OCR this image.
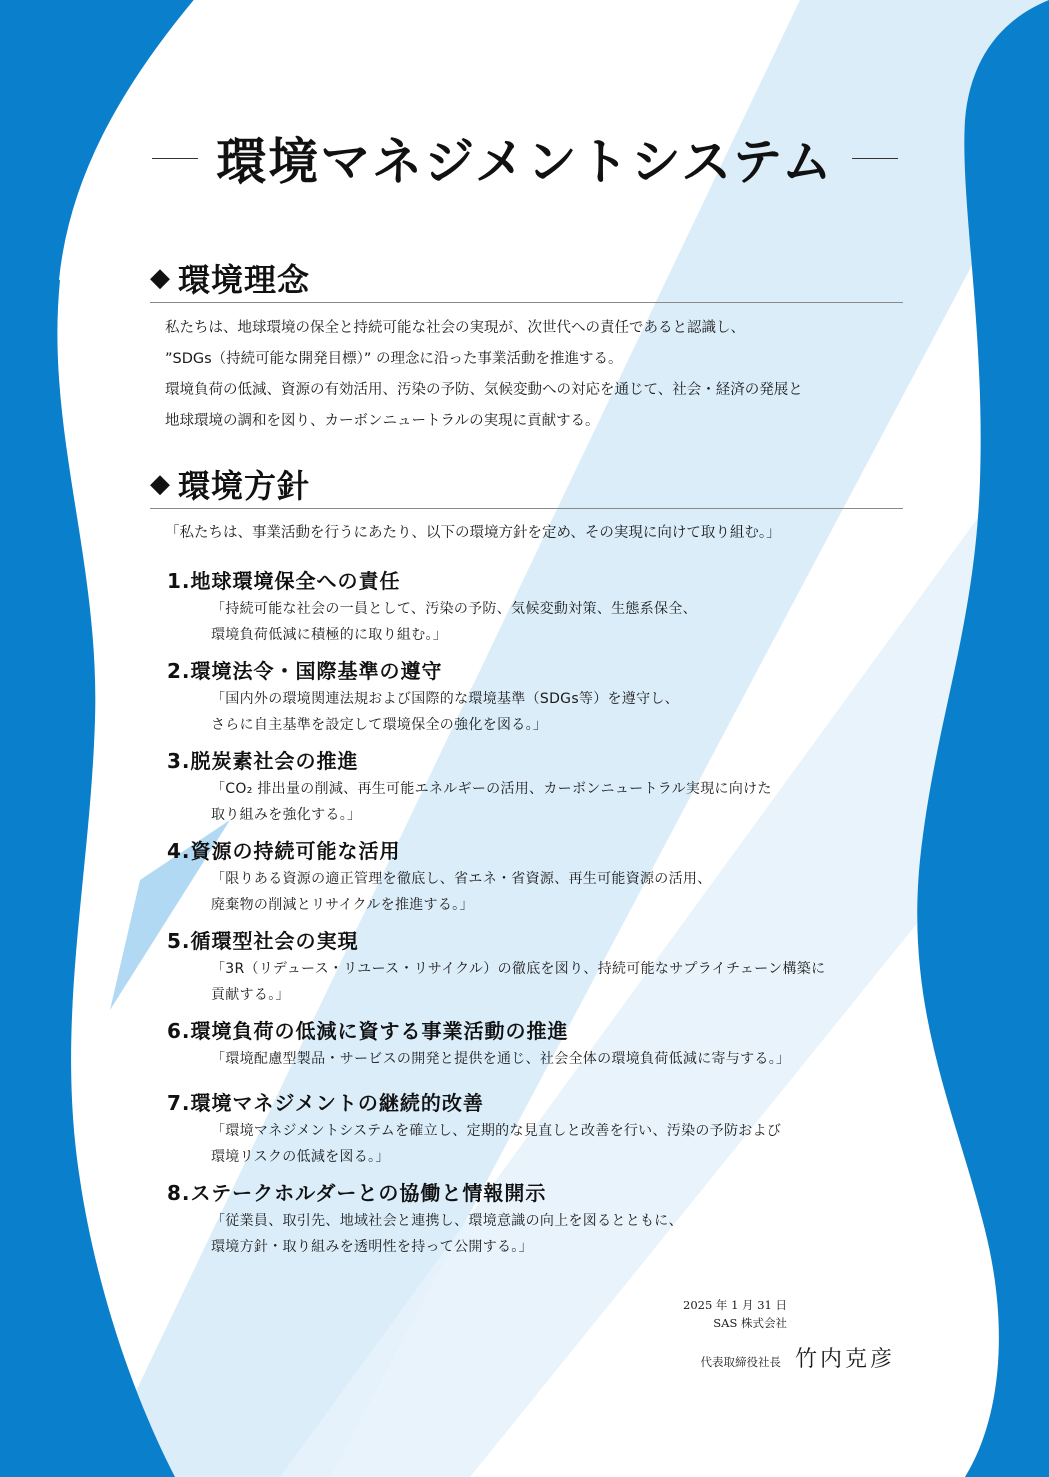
環境マネジメントシステム
◆ 環境理念

私たちは、地球環境の保全と持続可能な社会の実現が、次世代への責任であると認識し、

”SDGs（持続可能な開発目標）” の理念に沿った事業活動を推進する。

環境負荷の低減、資源の有効活用、汚染の予防、気候変動への対応を通じて、社会・経済の発展と

地球環境の調和を図り、カーボンニュートラルの実現に貢献する。

◆ 環境方針
「私たちは、事業活動を行うにあたり、以下の環境方針を定め、その実現に向けて取り組む。」
1.地球環境保全への責任
「持続可能な社会の一員として、汚染の予防、気候変動対策、生態系保全、
環境負荷低減に積極的に取り組む。」
2.環境法令・国際基準の遵守
「国内外の環境関連法規および国際的な環境基準（SDGs等）を遵守し、
さらに自主基準を設定して環境保全の強化を図る。」
3.脱炭素社会の推進
「CO₂ 排出量の削減、再生可能エネルギーの活用、カーボンニュートラル実現に向けた
取り組みを強化する。」
4.資源の持続可能な活用
「限りある資源の適正管理を徹底し、省エネ・省資源、再生可能資源の活用、
廃棄物の削減とリサイクルを推進する。」
5.循環型社会の実現
「3R（リデュース・リユース・リサイクル）の徹底を図り、持続可能なサプライチェーン構築に
貢献する。」
6.環境負荷の低減に資する事業活動の推進
「環境配慮型製品・サービスの開発と提供を通じ、社会全体の環境負荷低減に寄与する。」
7.環境マネジメントの継続的改善
「環境マネジメントシステムを確立し、定期的な見直しと改善を行い、汚染の予防および
環境リスクの低減を図る。」
8.ステークホルダーとの協働と情報開示
「従業員、取引先、地域社会と連携し、環境意識の向上を図るとともに、
環境方針・取り組みを透明性を持って公開する。」
2025 年 1 月 31 日
SAS 株式会社
代表取締役社長 竹内克彦
